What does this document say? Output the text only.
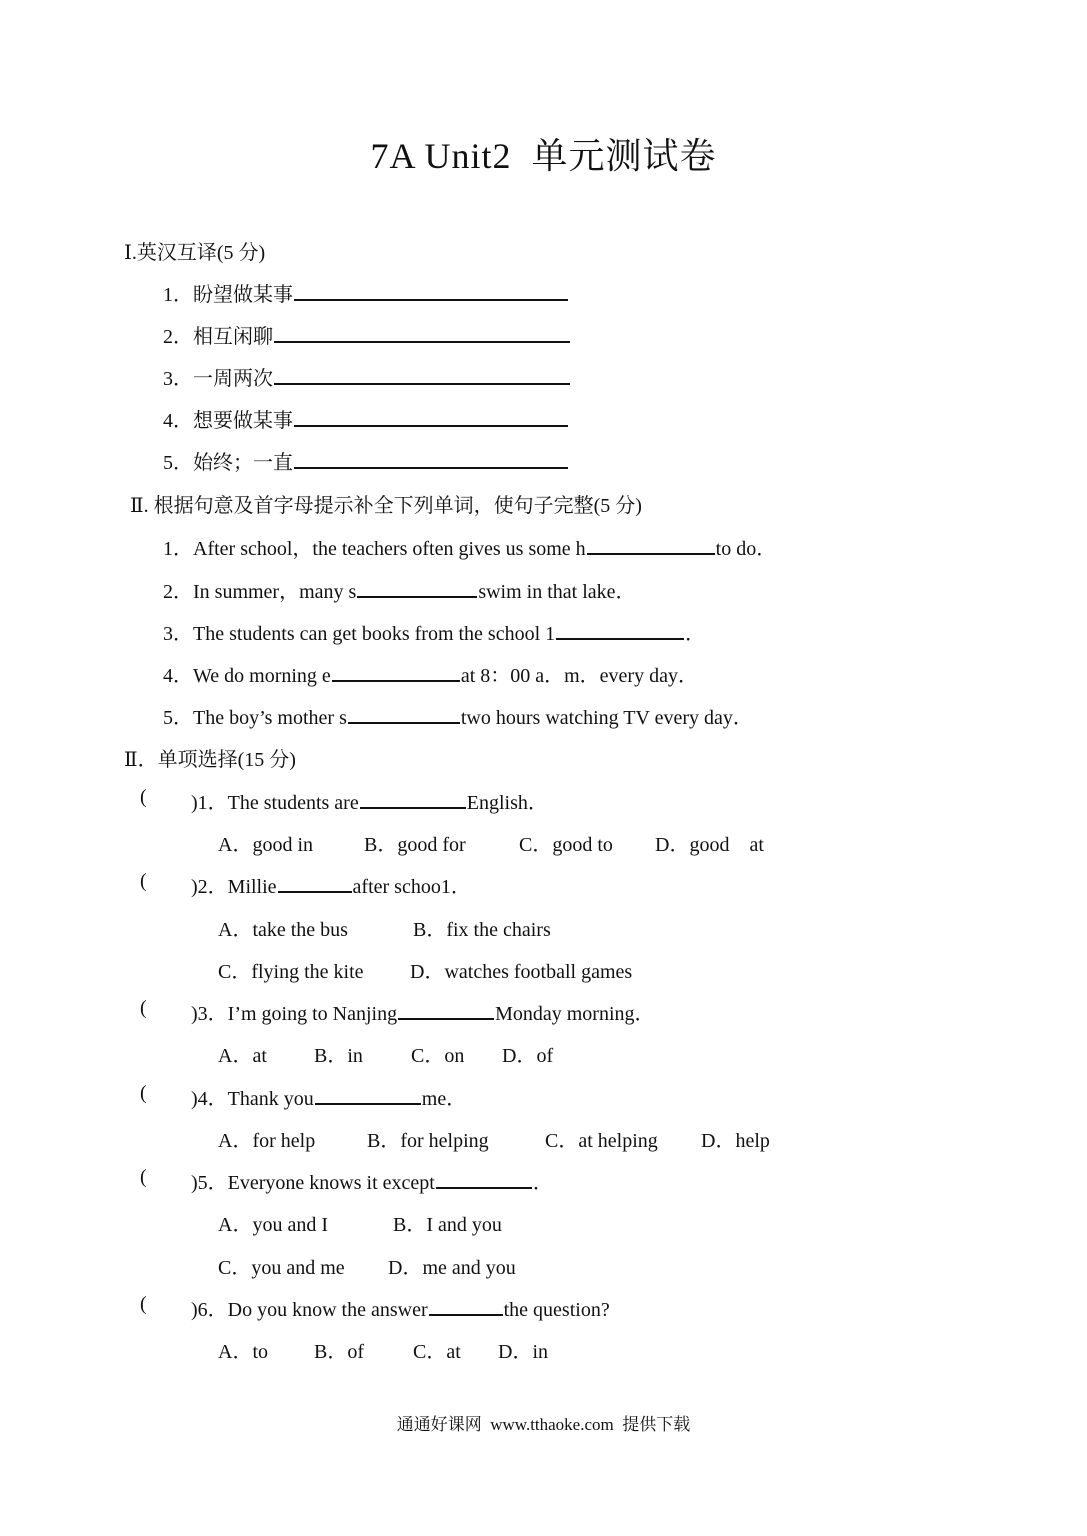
7A Unit2  单元测试卷
Ⅰ.英汉互译(5 分)
1．盼望做某事
2．相互闲聊
3．一周两次
4．想要做某事
5．始终；一直
Ⅱ. 根据句意及首字母提示补全下列单词，使句子完整(5 分)
1．After school，the teachers often gives us some h	to do．
2．In summer，many s	swim in that lake．
3．The students can get books from the school 1	．
4．We do morning e	at 8：00 a．m．every day．
5．The boy’s mother s	two hours watching TV every day．
Ⅱ．单项选择(15 分)
( )1．The students are	English．
A．good in	B．good for	C．good to D．good    at
( )2．Millie	after schoo1．
A．take the bus	B．fix the chairs
C．flying the kite D．watches football games
( )3．I’m going to Nanjing	Monday morning．
A．at B．in C．on D．of
( )4．Thank you	me．
A．for help	B．for helping	C．at helping D．help
( )5．Everyone knows it except	．
A．you and I	B．I and you
C．you and me D．me and you
( )6．Do you know the answer	the question?
A．to B．of C．at D．in
通通好课网  www.tthaoke.com  提供下载
